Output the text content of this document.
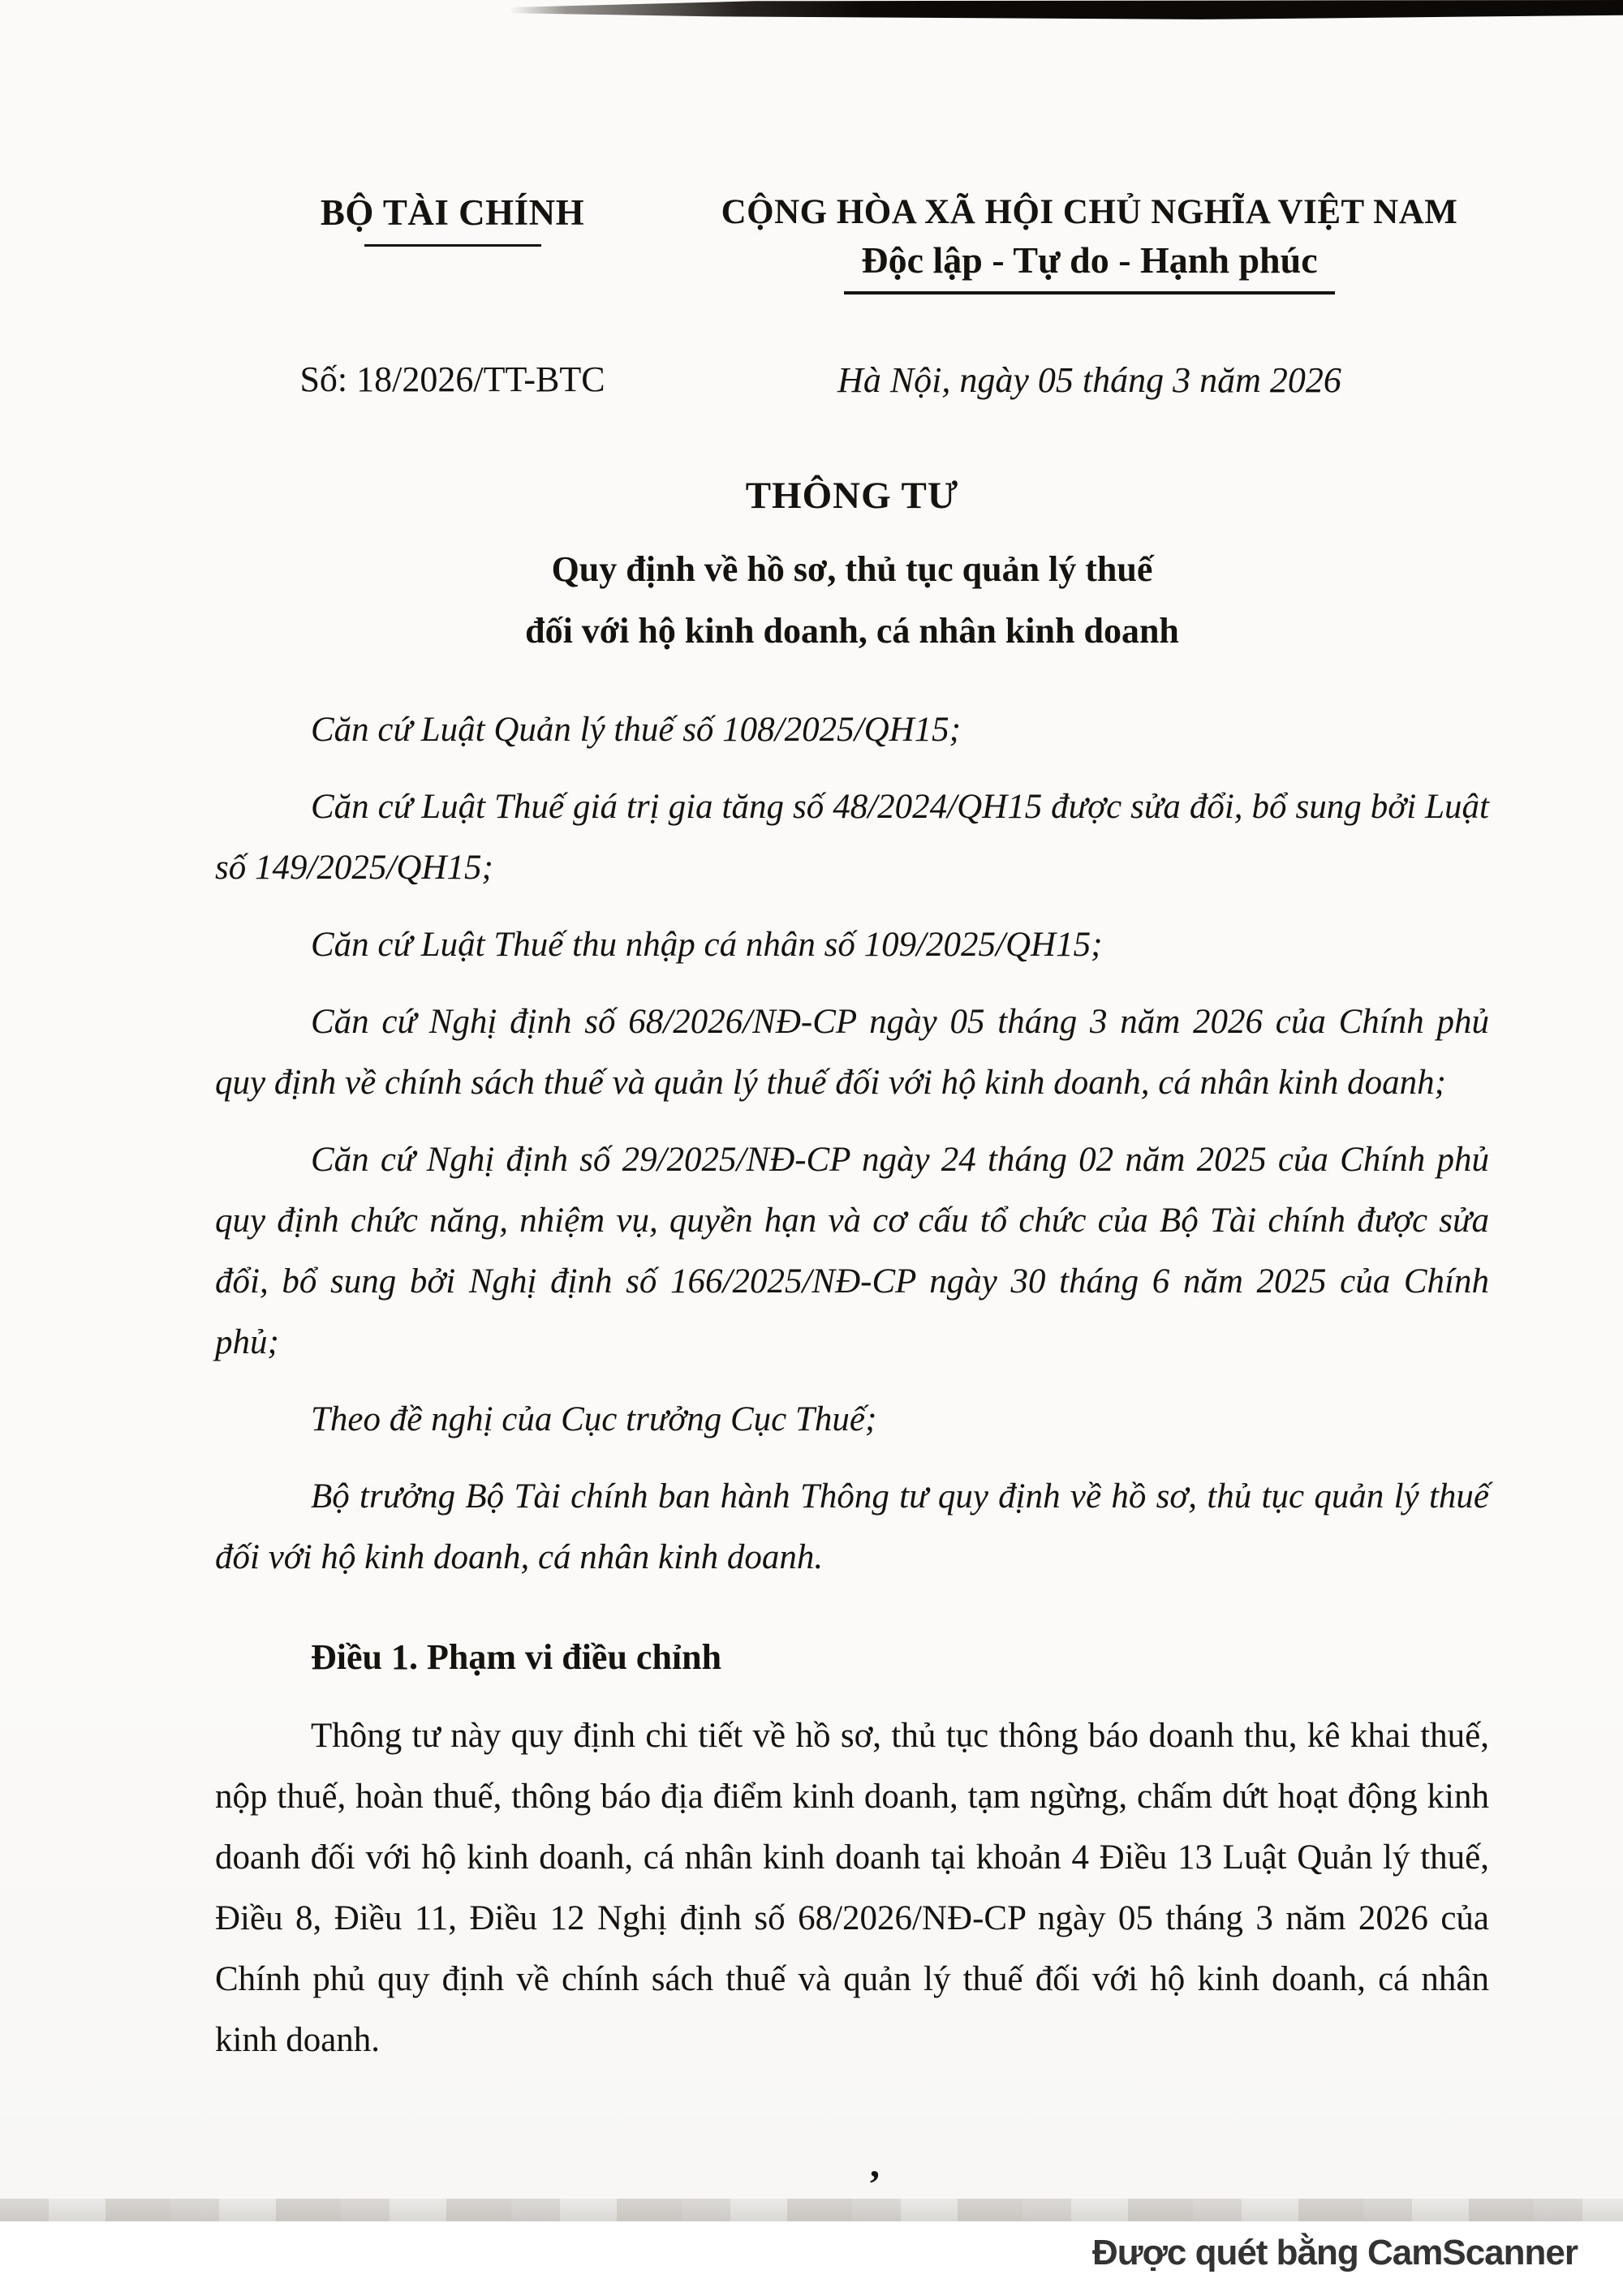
BỘ TÀI CHÍNH
Số: 18/2026/TT-BTC
CỘNG HÒA XÃ HỘI CHỦ NGHĨA VIỆT NAM
Độc lập - Tự do - Hạnh phúc
Hà Nội, ngày 05 tháng 3 năm 2026
THÔNG TƯ
Quy định về hồ sơ, thủ tục quản lý thuế
đối với hộ kinh doanh, cá nhân kinh doanh

Căn cứ Luật Quản lý thuế số 108/2025/QH15;

Căn cứ Luật Thuế giá trị gia tăng số 48/2024/QH15 được sửa đổi, bổ sung bởi Luật số 149/2025/QH15;

Căn cứ Luật Thuế thu nhập cá nhân số 109/2025/QH15;

Căn cứ Nghị định số 68/2026/NĐ-CP ngày 05 tháng 3 năm 2026 của Chính phủ quy định về chính sách thuế và quản lý thuế đối với hộ kinh doanh, cá nhân kinh doanh;

Căn cứ Nghị định số 29/2025/NĐ-CP ngày 24 tháng 02 năm 2025 của Chính phủ quy định chức năng, nhiệm vụ, quyền hạn và cơ cấu tổ chức của Bộ Tài chính được sửa đổi, bổ sung bởi Nghị định số 166/2025/NĐ-CP ngày 30 tháng 6 năm 2025 của Chính phủ;

Theo đề nghị của Cục trưởng Cục Thuế;

Bộ trưởng Bộ Tài chính ban hành Thông tư quy định về hồ sơ, thủ tục quản lý thuế đối với hộ kinh doanh, cá nhân kinh doanh.

Điều 1. Phạm vi điều chỉnh

Thông tư này quy định chi tiết về hồ sơ, thủ tục thông báo doanh thu, kê khai thuế, nộp thuế, hoàn thuế, thông báo địa điểm kinh doanh, tạm ngừng, chấm dứt hoạt động kinh doanh đối với hộ kinh doanh, cá nhân kinh doanh tại khoản 4 Điều 13 Luật Quản lý thuế, Điều 8, Điều 11, Điều 12 Nghị định số 68/2026/NĐ-CP ngày 05 tháng 3 năm 2026 của Chính phủ quy định về chính sách thuế và quản lý thuế đối với hộ kinh doanh, cá nhân kinh doanh.

,
Được quét bằng CamScanner
